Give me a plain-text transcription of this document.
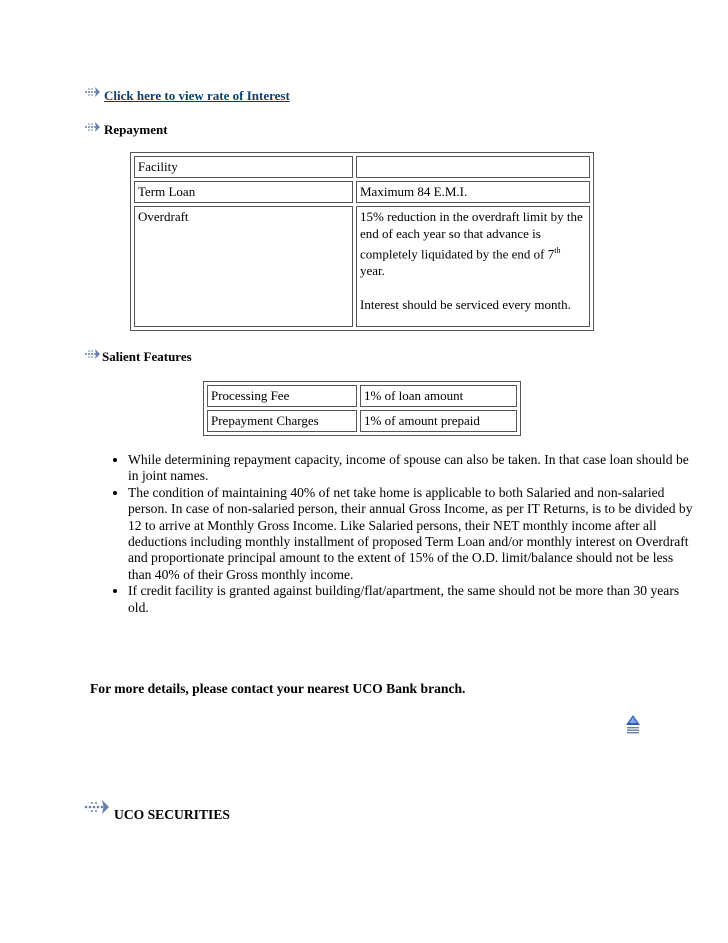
Click here to view rate of Interest
Repayment
Facility	
Term Loan	Maximum 84 E.M.I.
Overdraft	15% reduction in the overdraft limit by the end of each year so that advance is completely liquidated by the end of 7th year.
Interest should be serviced every month.
Salient Features
Processing Fee	1% of loan amount
Prepayment Charges	1% of amount prepaid
• While determining repayment capacity, income of spouse can also be taken. In that case loan should be in joint names.
• The condition of maintaining 40% of net take home is applicable to both Salaried and non-salaried person. In case of non-salaried person, their annual Gross Income, as per IT Returns, is to be divided by 12 to arrive at Monthly Gross Income. Like Salaried persons, their NET monthly income after all deductions including monthly installment of proposed Term Loan and/or monthly interest on Overdraft and proportionate principal amount to the extent of 15% of the O.D. limit/balance should not be less than 40% of their Gross monthly income.
• If credit facility is granted against building/flat/apartment, the same should not be more than 30 years old.
For more details, please contact your nearest UCO Bank branch.
UCO SECURITIES
